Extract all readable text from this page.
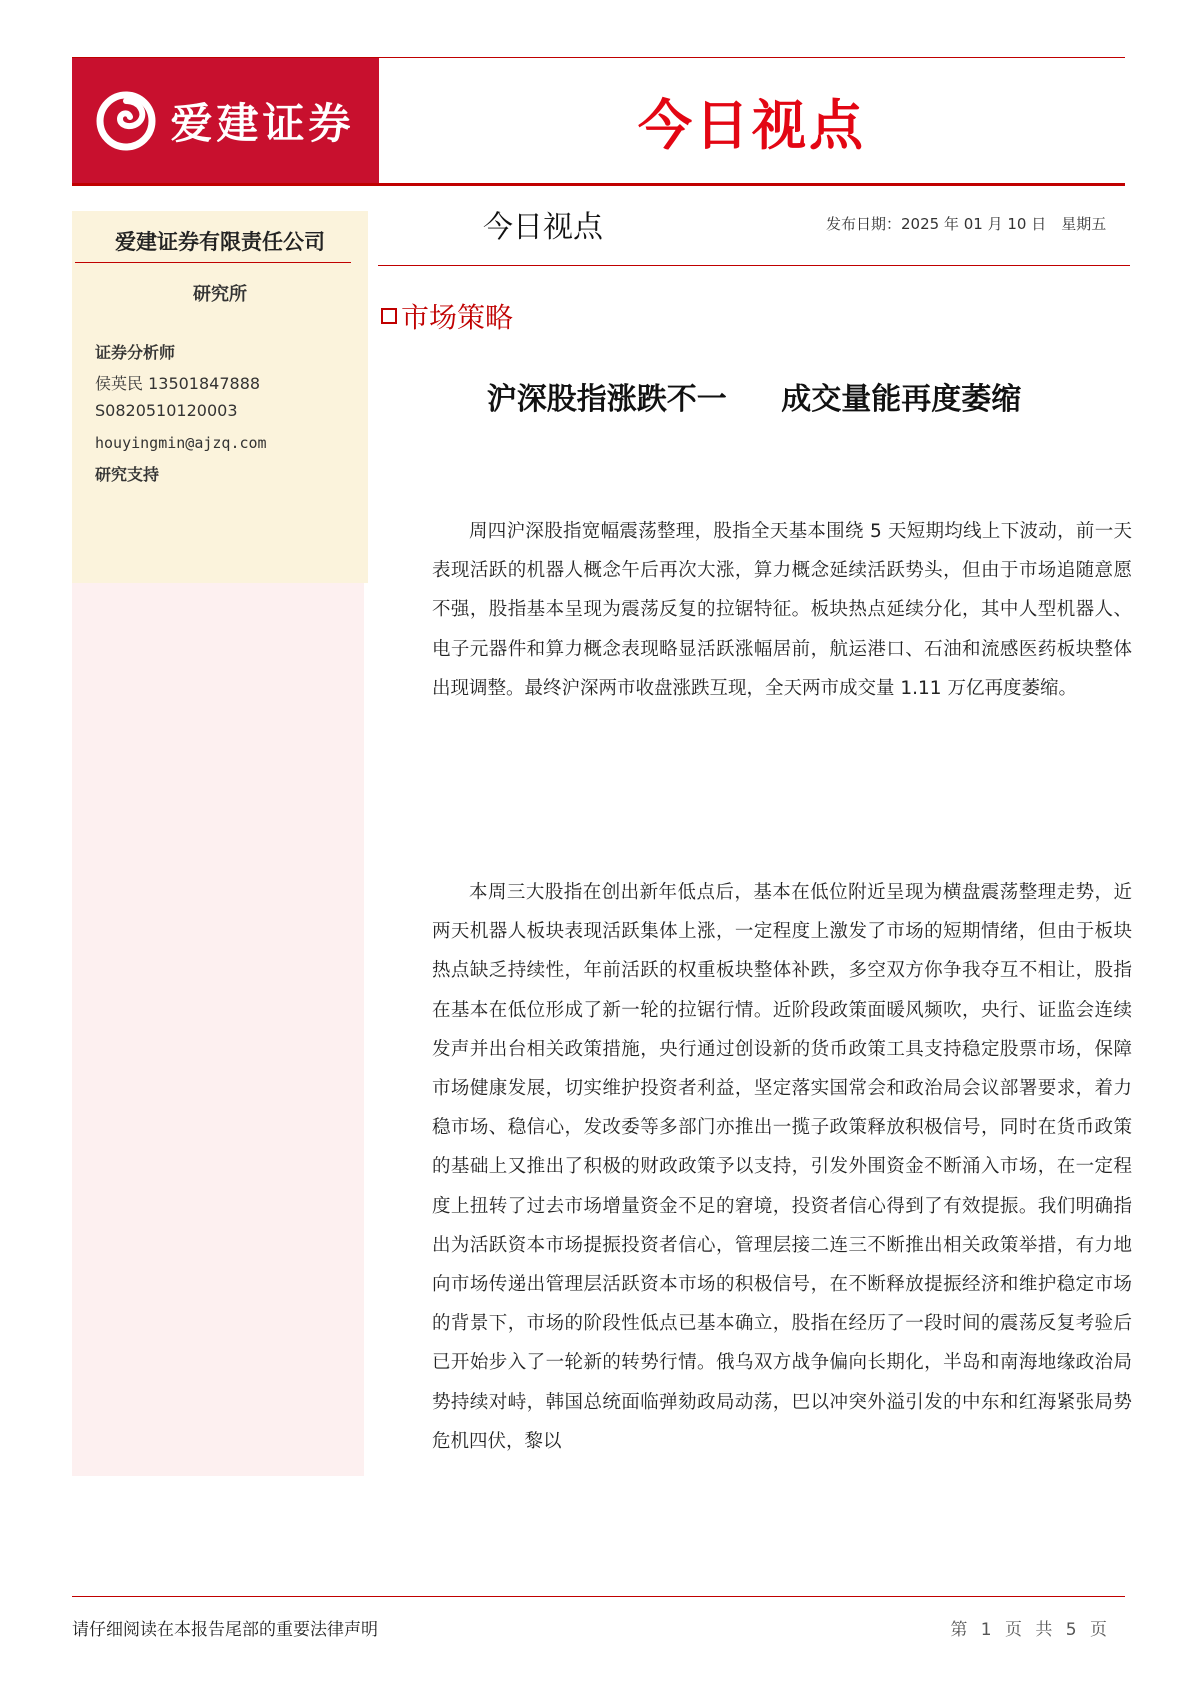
爱建证券	今日视点
爱建证券有限责任公司
研究所
证券分析师
侯英民 13501847888
S0820510120003
houyingmin@ajzq.com
研究支持
今日视点	发布日期：2025 年 01 月 10 日　星期五
市场策略
沪深股指涨跌不一 成交量能再度萎缩
周四沪深股指宽幅震荡整理，股指全天基本围绕 5 天短期均线上下波动，前一天表现活跃的机器人概念午后再次大涨，算力概念延续活跃势头，但由于市场追随意愿不强，股指基本呈现为震荡反复的拉锯特征。板块热点延续分化，其中人型机器人、电子元器件和算力概念表现略显活跃涨幅居前，航运港口、石油和流感医药板块整体出现调整。最终沪深两市收盘涨跌互现，全天两市成交量 1.11 万亿再度萎缩。
本周三大股指在创出新年低点后，基本在低位附近呈现为横盘震荡整理走势，近两天机器人板块表现活跃集体上涨，一定程度上激发了市场的短期情绪，但由于板块热点缺乏持续性，年前活跃的权重板块整体补跌，多空双方你争我夺互不相让，股指在基本在低位形成了新一轮的拉锯行情。近阶段政策面暖风频吹，央行、证监会连续发声并出台相关政策措施，央行通过创设新的货币政策工具支持稳定股票市场，保障市场健康发展，切实维护投资者利益，坚定落实国常会和政治局会议部署要求，着力稳市场、稳信心，发改委等多部门亦推出一揽子政策释放积极信号，同时在货币政策的基础上又推出了积极的财政政策予以支持，引发外围资金不断涌入市场，在一定程度上扭转了过去市场增量资金不足的窘境，投资者信心得到了有效提振。我们明确指出为活跃资本市场提振投资者信心，管理层接二连三不断推出相关政策举措，有力地向市场传递出管理层活跃资本市场的积极信号，在不断释放提振经济和维护稳定市场的背景下，市场的阶段性低点已基本确立，股指在经历了一段时间的震荡反复考验后已开始步入了一轮新的转势行情。俄乌双方战争偏向长期化，半岛和南海地缘政治局势持续对峙，韩国总统面临弹劾政局动荡，巴以冲突外溢引发的中东和红海紧张局势危机四伏，黎以
请仔细阅读在本报告尾部的重要法律声明	第 1 页 共 5 页
